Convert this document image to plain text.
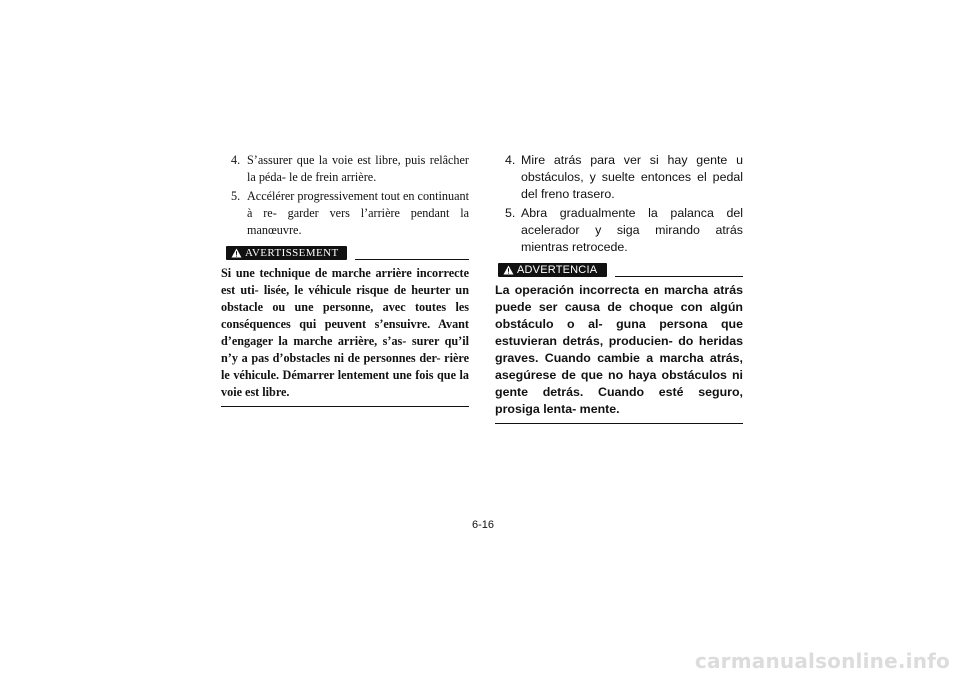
4. S’assurer que la voie est libre, puis relâcher la péda- le de frein arrière.
5. Accélérer progressivement tout en continuant à re- garder vers l’arrière pendant la manœuvre.
AVERTISSEMENT
Si une technique de marche arrière incorrecte est uti- lisée, le véhicule risque de heurter un obstacle ou une personne, avec toutes les conséquences qui peuvent s’ensuivre. Avant d’engager la marche arrière, s’as- surer qu’il n’y a pas d’obstacles ni de personnes der- rière le véhicule. Démarrer lentement une fois que la voie est libre.
4. Mire atrás para ver si hay gente u obstáculos, y suelte entonces el pedal del freno trasero.
5. Abra gradualmente la palanca del acelerador y siga mirando atrás mientras retrocede.
ADVERTENCIA
La operación incorrecta en marcha atrás puede ser causa de choque con algún obstáculo o al- guna persona que estuvieran detrás, producien- do heridas graves. Cuando cambie a marcha atrás, asegúrese de que no haya obstáculos ni gente detrás. Cuando esté seguro, prosiga lenta- mente.
6-16
carmanualsonline.info
